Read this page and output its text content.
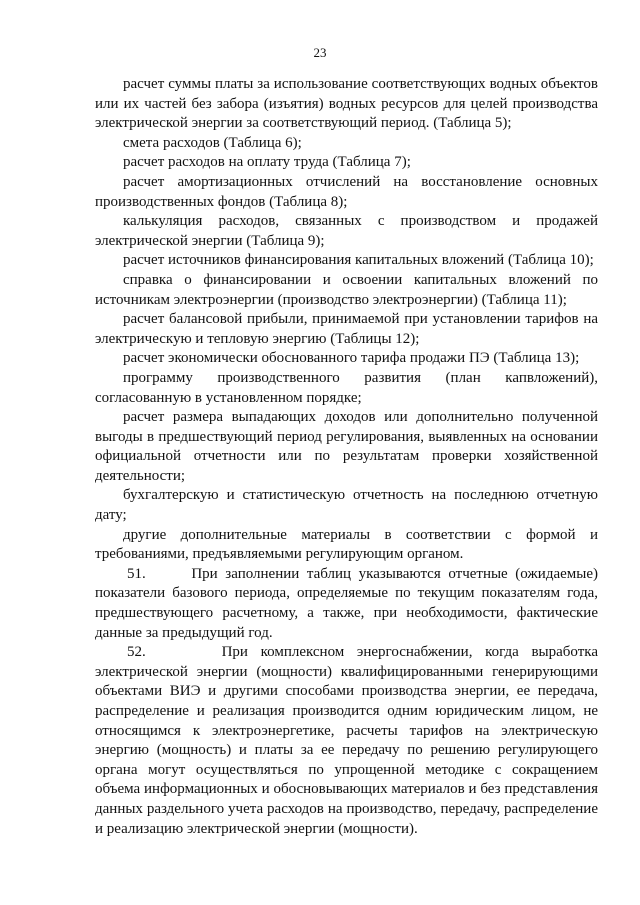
23

расчет суммы платы за использование соответствующих водных объектов или их частей без забора (изъятия) водных ресурсов для целей производства электрической энергии за соответствующий период. (Таблица 5);

смета расходов (Таблица 6);

расчет расходов на оплату труда (Таблица 7);

расчет амортизационных отчислений на восстановление основных производственных фондов (Таблица 8);

калькуляция расходов, связанных с производством и продажей электрической энергии (Таблица 9);

расчет источников финансирования капитальных вложений (Таблица 10);

справка о финансировании и освоении капитальных вложений по источникам электроэнергии (производство электроэнергии) (Таблица 11);

расчет балансовой прибыли, принимаемой при установлении тарифов на электрическую и тепловую энергию (Таблицы 12);

расчет экономически обоснованного тарифа продажи ПЭ (Таблица 13);

программу производственного развития (план капвложений), согласованную в установленном порядке;

расчет размера выпадающих доходов или дополнительно полученной выгоды в предшествующий период регулирования, выявленных на основании официальной отчетности или по результатам проверки хозяйственной деятельности;

бухгалтерскую и статистическую отчетность на последнюю отчетную дату;

другие дополнительные материалы в соответствии с формой и требованиями, предъявляемыми регулирующим органом.

51.      При заполнении таблиц указываются отчетные (ожидаемые) показатели базового периода, определяемые по текущим показателям года, предшествующего расчетному, а также, при необходимости, фактические данные за предыдущий год.

52.      При комплексном энергоснабжении, когда выработка электрической энергии (мощности) квалифицированными генерирующими объектами ВИЭ и другими способами производства энергии, ее передача, распределение и реализация производится одним юридическим лицом, не относящимся к электроэнергетике, расчеты тарифов на электрическую энергию (мощность) и платы за ее передачу по решению регулирующего органа могут осуществляться по упрощенной методике с сокращением объема информационных и обосновывающих материалов и без представления данных раздельного учета расходов на производство, передачу, распределение и реализацию электрической энергии (мощности).
